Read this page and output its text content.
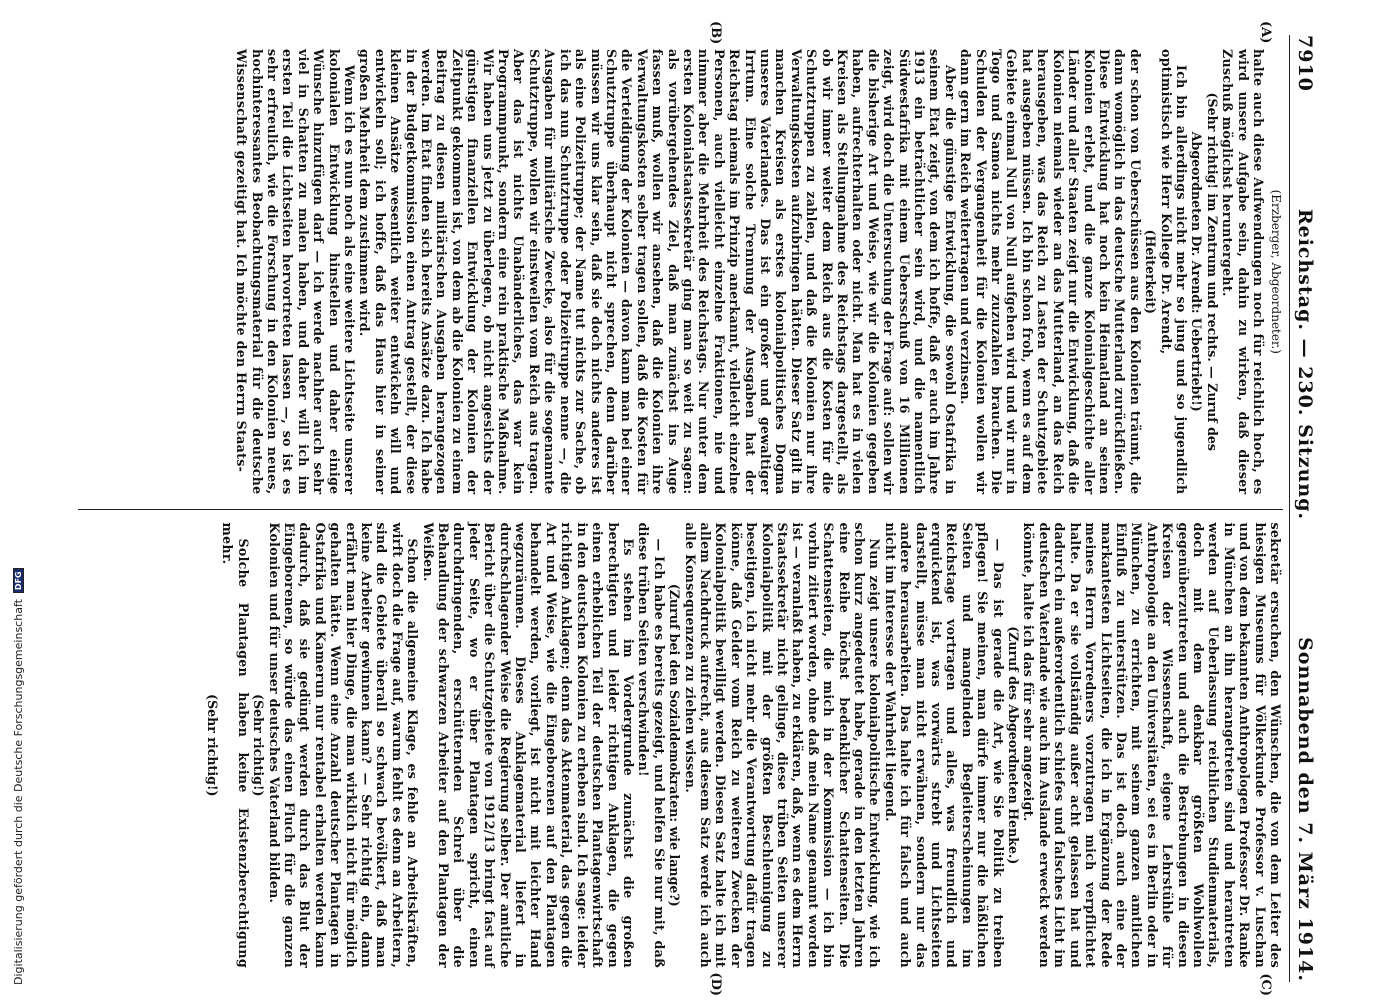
7910
Reichstag. — 230. Sitzung.
Sonnabend den 7. März 1914.
(A)
(B)

(Erzberger, Abgeordneter.)

halte auch diese Aufwendungen noch für reichlich hoch, es wird unsere Aufgabe sein, dahin zu wirken, daß dieser Zuschuß möglichst heruntergeht.

(Sehr richtig! im Zentrum und rechts. — Zuruf des Abgeordneten Dr. Arendt: Uebertriebt!)

Ich bin allerdings nicht mehr so jung und so jugendlich optimistisch wie Herr Kollege Dr. Arendt,

(Heiterkeit)

der schon von Ueberschüssen aus den Kolonien träumt, die dann womöglich in das deutsche Mutterland zurückfließen. Diese Entwicklung hat noch kein Heimatland an seinen Kolonien erlebt, und die ganze Kolonialgeschichte aller Länder und aller Staaten zeigt nur die Entwicklung, daß die Kolonien niemals wieder an das Mutterland, an das Reich herausgeben, was das Reich zu Lasten der Schutzgebiete hat ausgeben müssen. Ich bin schon froh, wenn es auf dem Gebiete einmal Null von Null aufgehen wird und wir nur in Togo und Samoa nichts mehr zuzuzahlen brauchen. Die Schulden der Vergangenheit für die Kolonien wollen wir dann gern im Reich weitertragen und verzinsen.

Aber die günstige Entwicklung, die sowohl Ostafrika in seinem Etat zeigt, von dem ich hoffe, daß er auch im Jahre 1913 ein beträchtlicher sein wird, und die namentlich Südwestafrika mit einem Uebersschuß von 16 Millionen zeigt, wird doch die Untersuchung der Frage auf: sollen wir die bisherige Art und Weise, wie wir die Kolonien gegeben haben, aufrechterhalten oder nicht. Man hat es in vielen Kreisen als Stellungnahme des Reichstags dargestellt, als ob wir immer weiter dem Reich aus die Kosten für die Schutztruppen zu zahlen, und daß die Kolonien nur ihre Verwaltungskosten aufzubringen hätten. Dieser Satz gilt in manchen Kreisen als erstes kolonialpolitisches Dogma unseres Vaterlandes. Das ist ein großer und gewaltiger Irrtum. Eine solche Trennung der Ausgaben hat der Reichstag niemals im Prinzip anerkannt, vielleicht einzelne Personen, auch vielleicht einzelne Fraktionen, nie und nimmer aber die Mehrheit des Reichstags. Nur unter dem ersten Kolonialstaatssekretär ging man so weit zu sagen: als vorübergehendes Ziel, daß man zunächst ins Auge fassen muß, wollen wir ansehen, daß die Kolonien ihre Verwaltungskosten selber tragen sollen, daß die Kosten für die Verteidigung der Kolonien — davon kann man bei einer Schutztruppe überhaupt nicht sprechen, denn darüber müssen wir uns klar sein, daß sie doch nichts anderes ist als eine Polizeitruppe; der Name tut nichts zur Sache, ob ich das nun Schutztruppe oder Polizeitruppe nenne —, die Ausgaben für militärische Zwecke, also für die sogenannte Schutztruppe, wollen wir einstweilen vom Reich aus tragen. Aber das ist nichts Unabänderliches, das war kein Programmpunkt, sondern eine rein praktische Maßnahme. Wir haben uns jetzt zu überlegen, ob nicht angesichts der günstigen finanziellen Entwicklung der Kolonien der Zeitpunkt gekommen ist, von dem ab die Kolonien zu einem Beitrag zu diesen militärischen Ausgaben herangezogen werden. Im Etat finden sich bereits Ansätze dazu. Ich habe in der Budgetkommission einen Antrag gestellt, der diese kleinen Ansätze wesentlich weiter entwickeln will und entwickeln soll; ich hoffe, daß das Haus hier in seiner großen Mehrheit dem zustimmen wird.

Wenn ich es nun noch als eine weitere Lichtseite unserer kolonialen Entwicklung hinstellen und daher einige Wünsche hinzufügen darf — ich werde nachher auch sehr viel in Schatten zu malen haben, und daher will ich im ersten Teil die Lichtseiten hervortreten lassen —, so ist es sehr erfreulich, wie die Forschung in den Kolonien neues, hochinteressantes Beobachtungsmaterial für die deutsche Wissenschaft gezeitigt hat. Ich möchte den Herrn Staats-

(C)
(D)

sekretär ersuchen, den Wünschen, die von dem Leiter des hiesigen Museums für Völkerkunde Professor v. Luschan und von dem bekannten Anthropologen Professor Dr. Ranke in München an ihn herangetreten sind und herantreten werden auf Ueberlassung reichlichen Studienmaterials, doch mit dem denkbar größten Wohlwollen gegenüberzutreten und auch die Bestrebungen in diesen Kreisen der Wissenschaft, eigene Lehrstühle für Anthropologie an den Universitäten, sei es in Berlin oder in München, zu errichten, mit seinem ganzen amtlichen Einfluß zu unterstützen. Das ist doch auch eine der markantesten Lichtseiten, die ich in Ergänzung der Rede meines Herrn Vorredners vorzutragen mich verpflichtet halte. Da er sie vollständig außer acht gelassen hat und dadurch ein außerordentlich schiefes und falsches Licht im deutschen Vaterlande wie auch im Auslande erweckt werden könnte, halte ich das für sehr angezeigt.

(Zuruf des Abgeordneten Henke.)

— Das ist gerade die Art, wie Sie Politik zu treiben pflegen! Sie meinen, man dürfe immer nur die häßlichen Seiten und mangelnden Begleiterscheinungen im Reichstage vortragen und alles, was freundlich und erquickend ist, was vorwärts strebt und Lichtseiten darstellt, müsse man nicht erwähnen, sondern nur das andere herausarbeiten. Das halte ich für falsch und auch nicht im Interesse der Wahrheit liegend.

Nun zeigt unsere kolonialpolitische Entwicklung, wie ich schon kurz angedeutet habe, gerade in den letzten Jahren eine Reihe höchst bedenklicher Schattenseiten. Die Schattenseiten, die mich in der Kommission — ich bin vorhin zitiert worden, ohne daß mein Name genannt worden ist — veranlaßt haben, zu erklären, daß, wenn es dem Herrn Staatssekretär nicht gelinge, diese trüben Seiten unserer Kolonialpolitik mit der größten Beschleunigung zu beseitigen, ich nicht mehr die Verantwortung dafür tragen könne, daß Gelder vom Reich zu weiteren Zwecken der Kolonialpolitik bewilligt werden. Diesen Satz halte ich mit allem Nachdruck aufrecht, aus diesem Satz werde ich auch alle Konsequenzen zu ziehen wissen.

(Zuruf bei den Sozialdemokraten: wie lange?)

— Ich habe es bereits gezeigt, und helfen Sie nur mit, daß diese trüben Seiten verschwinden!

Es stehen im Vordergrunde zunächst die großen berechtigten und leider richtigen Anklagen, die gegen einen erheblichen Teil der deutschen Plantagenwirtschaft in den deutschen Kolonien zu erheben sind. Ich sage: leider richtigen Anklagen; denn das Aktenmaterial, das gegen die Art und Weise, wie die Eingeborenen auf den Plantagen behandelt werden, vorliegt, ist nicht mit leichter Hand wegzuräumen. Dieses Anklagematerial liefert in durchschlagender Weise die Regierung selber. Der amtliche Bericht über die Schutzgebiete von 1912/13 bringt fast auf jeder Seite, wo er über Plantagen spricht, einen durchdringenden, erschütternden Schrei über die Behandlung der schwarzen Arbeiter auf den Plantagen der Weißen.

Schon die allgemeine Klage, es fehle an Arbeitskräften, wirft doch die Frage auf, warum fehlt es denn an Arbeitern, sind die Gebiete überall so schwach bevölkert, daß man keine Arbeiter gewinnen kann? — Sehr richtig ein, dann erfährt man hier Dinge, die man wirklich nicht für möglich gehalten hätte. Wenn eine Anzahl deutscher Plantagen in Ostafrika und Kamerun nur rentabel erhalten werden kann dadurch, daß sie gedüngt werden durch das Blut der Eingeborenen, so würde das einen Fluch für die ganzen Kolonien und für unser deutsches Vaterland bilden.

(Sehr richtig!)

Solche Plantagen haben keine Existenzberechtigung mehr.

(Sehr richtig!)

Digitalisierung gefördert durch die Deutsche Forschungsgemeinschaft
DFG
